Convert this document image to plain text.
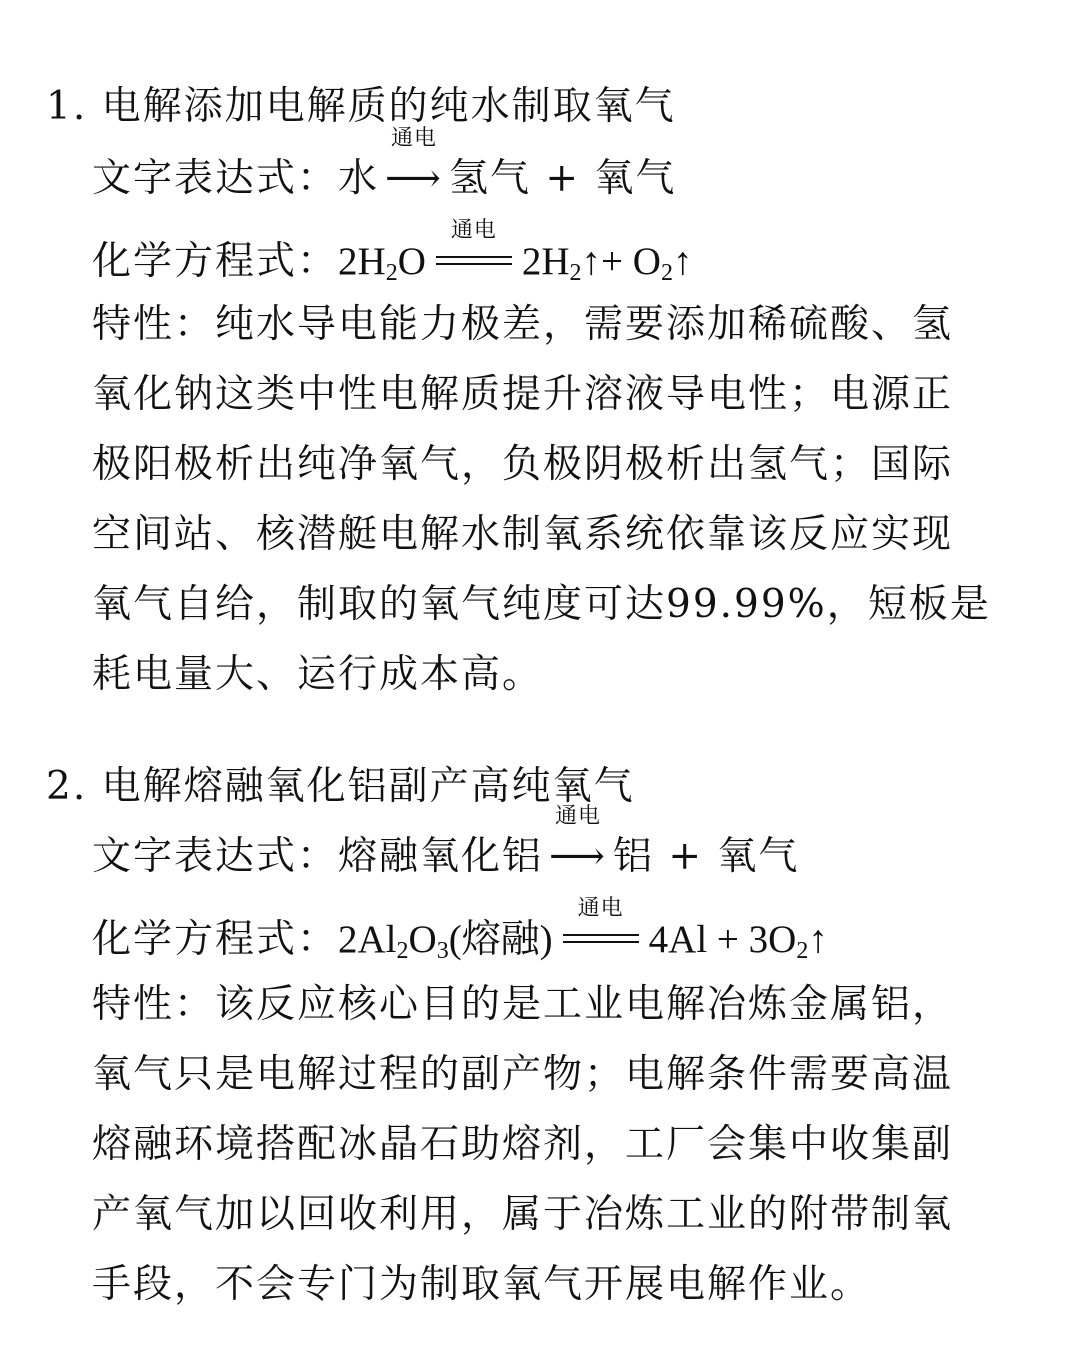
1. 电解添加电解质的纯水制取氧气
文字表达式：水
通电
⟶ 氢气 + 氧气
化学方程式：$2H_2O$
通电
$2H_2↑+$ $O_2↑$
特性：纯水导电能力极差，需要添加稀硫酸、氢
氧化钠这类中性电解质提升溶液导电性；电源正
极阳极析出纯净氧气，负极阴极析出氢气；国际
空间站、核潜艇电解水制氧系统依靠该反应实现
氧气自给，制取的氧气纯度可达99.99%，短板是
耗电量大、运行成本高。
2. 电解熔融氧化铝副产高纯氧气
文字表达式：熔融氧化铝
通电
⟶ 铝 + 氧气
化学方程式：$2Al_2O_3$(熔融)
通电
$4Al + 3O_2↑$
特性：该反应核心目的是工业电解冶炼金属铝，
氧气只是电解过程的副产物；电解条件需要高温
熔融环境搭配冰晶石助熔剂，工厂会集中收集副
产氧气加以回收利用，属于冶炼工业的附带制氧
手段，不会专门为制取氧气开展电解作业。
